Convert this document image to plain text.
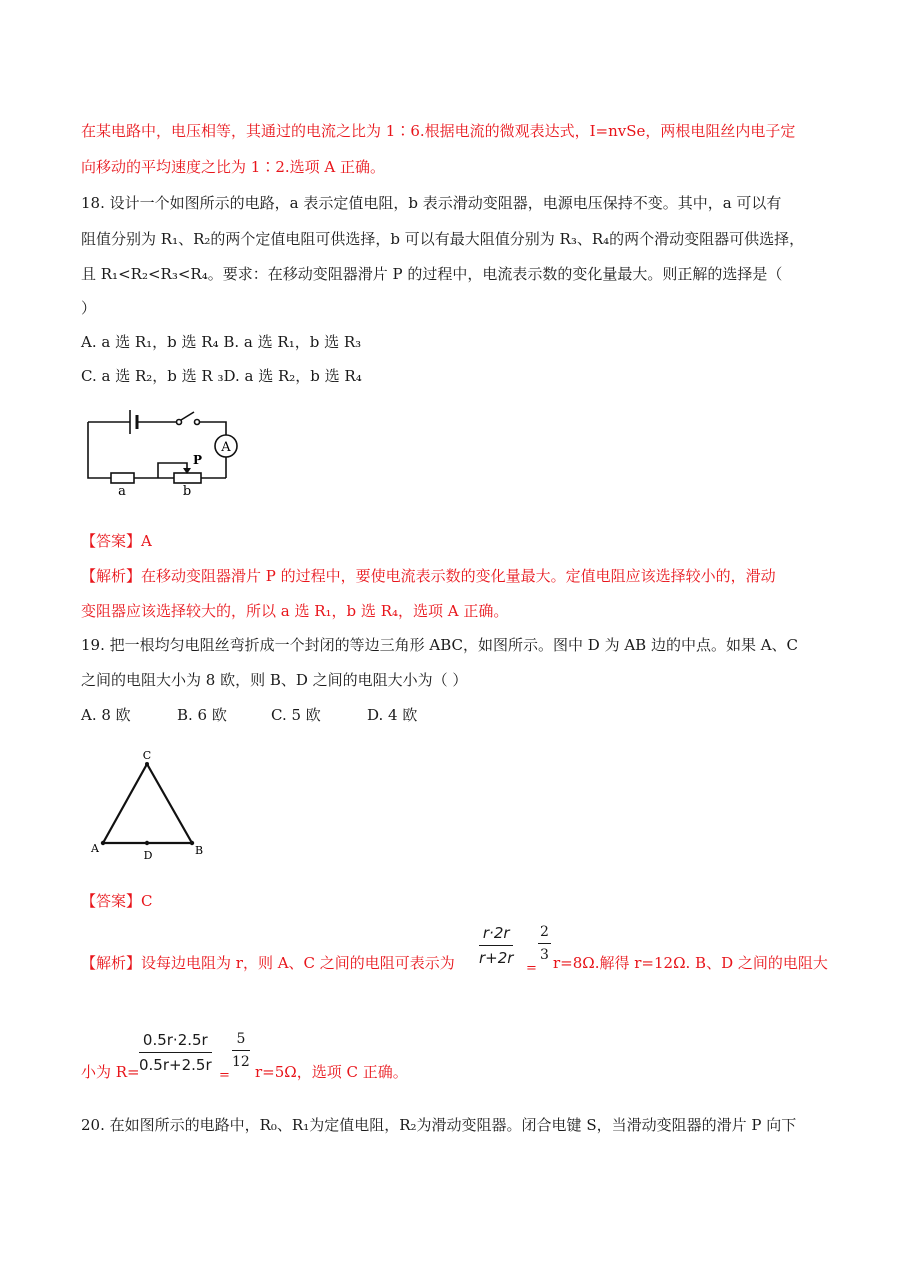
在某电路中，电压相等，其通过的电流之比为 1∶6.根据电流的微观表达式，I=nvSe，两根电阻丝内电子定
向移动的平均速度之比为 1∶2.选项 A 正确。
18. 设计一个如图所示的电路，a 表示定值电阻，b 表示滑动变阻器，电源电压保持不变。其中，a 可以有
阻值分别为 R₁、R₂的两个定值电阻可供选择，b 可以有最大阻值分别为 R₃、R₄的两个滑动变阻器可供选择，
且 R₁<R₂<R₃<R₄。要求：在移动变阻器滑片 P 的过程中，电流表示数的变化量最大。则正解的选择是（
）
A. a 选 R₁，b 选 R₄ B. a 选 R₁，b 选 R₃
C. a 选 R₂，b 选 R ₃D. a 选 R₂，b 选 R₄
A
P
a	b
【答案】A
【解析】在移动变阻器滑片 P 的过程中，要使电流表示数的变化量最大。定值电阻应该选择较小的，滑动
变阻器应该选择较大的，所以 a 选 R₁，b 选 R₄，选项 A 正确。
19. 把一根均匀电阻丝弯折成一个封闭的等边三角形 ABC，如图所示。图中 D 为 AB 边的中点。如果 A、C
之间的电阻大小为 8 欧，则 B、D 之间的电阻大小为（ ）
A. 8 欧	B. 6 欧	C. 5 欧	D. 4 欧
C
A	B
D
【答案】C
【解析】设每边电阻为 r，则 A、C 之间的电阻可表示为
r·2r
r+2r
=
2
3 r=8Ω.解得 r=12Ω. B、D 之间的电阻大
小为 R=
0.5r·2.5r
0.5r+2.5r
=
5
12
r=5Ω，选项 C 正确。
20. 在如图所示的电路中，R₀、R₁为定值电阻，R₂为滑动变阻器。闭合电键 S，当滑动变阻器的滑片 P 向下
